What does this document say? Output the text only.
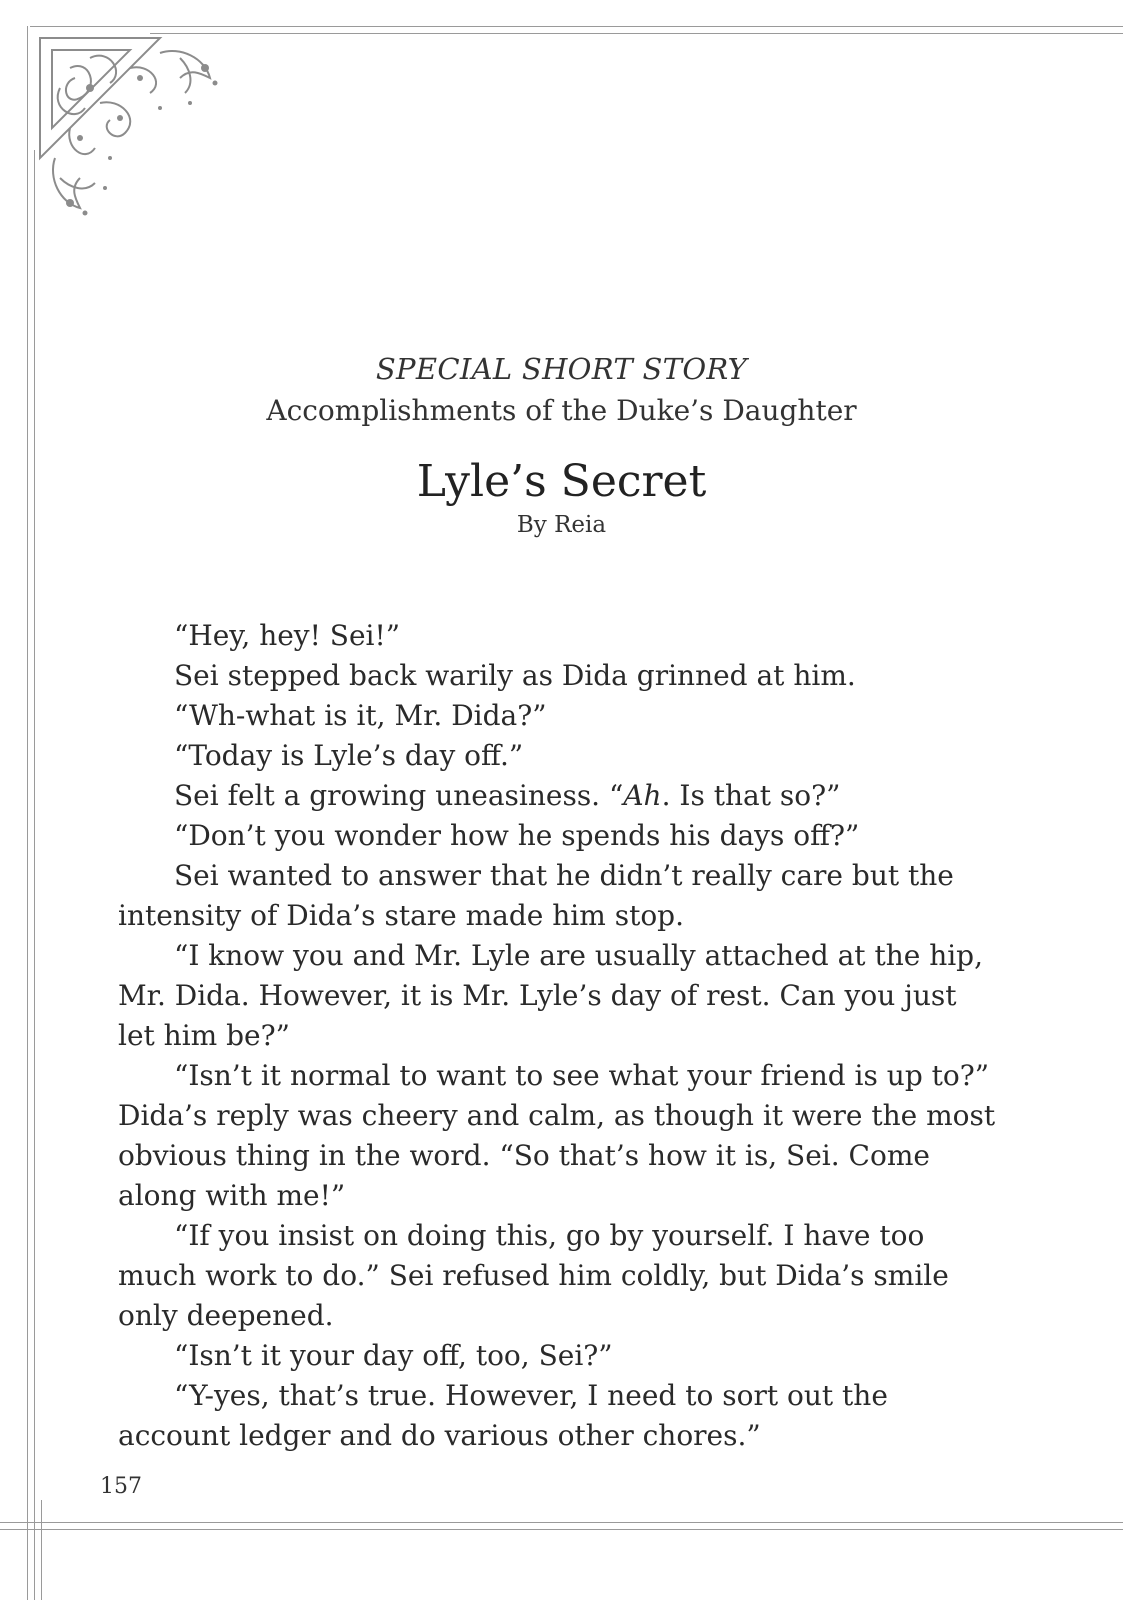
SPECIAL SHORT STORY
Accomplishments of the Duke’s Daughter
Lyle’s Secret
By Reia
“Hey, hey! Sei!”
Sei stepped back warily as Dida grinned at him.
“Wh-what is it, Mr. Dida?”
“Today is Lyle’s day off.”
Sei felt a growing uneasiness. “Ah. Is that so?”
“Don’t you wonder how he spends his days off?”
Sei wanted to answer that he didn’t really care but the
intensity of Dida’s stare made him stop.
“I know you and Mr. Lyle are usually attached at the hip,
Mr. Dida. However, it is Mr. Lyle’s day of rest. Can you just
let him be?”
“Isn’t it normal to want to see what your friend is up to?”
Dida’s reply was cheery and calm, as though it were the most
obvious thing in the word. “So that’s how it is, Sei. Come
along with me!”
“If you insist on doing this, go by yourself. I have too
much work to do.” Sei refused him coldly, but Dida’s smile
only deepened.
“Isn’t it your day off, too, Sei?”
“Y-yes, that’s true. However, I need to sort out the
account ledger and do various other chores.”
157
